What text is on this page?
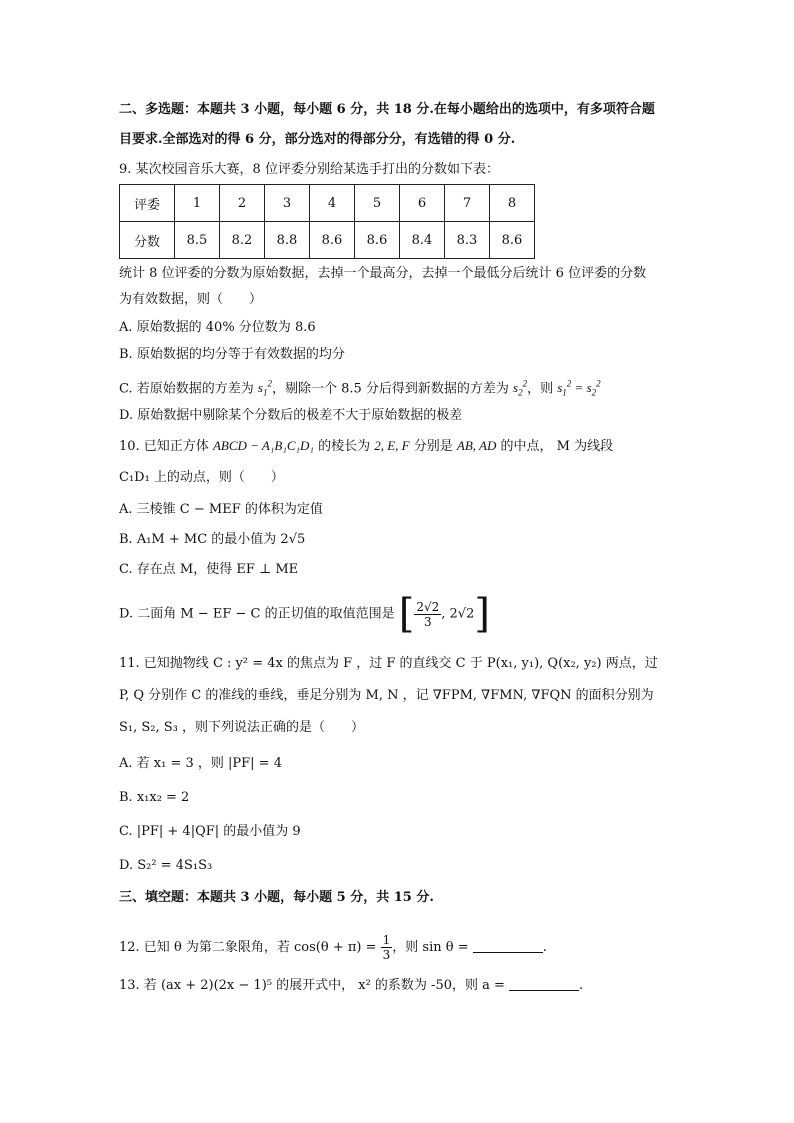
二、多选题：本题共 3 小题，每小题 6 分，共 18 分.在每小题给出的选项中，有多项符合题
目要求.全部选对的得 6 分，部分选对的得部分分，有选错的得 0 分.
9. 某次校园音乐大赛，8 位评委分别给某选手打出的分数如下表：
评委	1	2	3	4	5	6	7	8
分数	8.5	8.2	8.8	8.6	8.6	8.4	8.3	8.6
统计 8 位评委的分数为原始数据，去掉一个最高分，去掉一个最低分后统计 6 位评委的分数
为有效数据，则（　　）
A. 原始数据的 40% 分位数为 8.6
B. 原始数据的均分等于有效数据的均分
C. 若原始数据的方差为 $s_1^2$，剔除一个 8.5 分后得到新数据的方差为 $s_2^2$，则 $s_1^2 = s_2^2$
D. 原始数据中剔除某个分数后的极差不大于原始数据的极差
10. 已知正方体 ABCD − A₁B₁C₁D₁ 的棱长为 2, E, F 分别是 AB, AD 的中点， M 为线段
C₁D₁ 上的动点，则（　　）
A. 三棱锥 C − MEF 的体积为定值
B. A₁M + MC 的最小值为 2√5
C. 存在点 M，使得 EF ⊥ ME
D. 二面角 M − EF − C 的正切值的取值范围是 [ $\frac{2√2}{3}$ , 2√2]
11. 已知抛物线 C : y² = 4x 的焦点为 F ，过 F 的直线交 C 于 P(x₁, y₁), Q(x₂, y₂) 两点，过
P, Q 分别作 C 的准线的垂线，垂足分别为 M, N ，记 ∇FPM, ∇FMN, ∇FQN 的面积分别为
S₁, S₂, S₃ ，则下列说法正确的是（　　）
A. 若 x₁ = 3 ，则 |PF| = 4
B. x₁x₂ = 2
C. |PF| + 4|QF| 的最小值为 9
D. S₂² = 4S₁S₃
三、填空题：本题共 3 小题，每小题 5 分，共 15 分.
12. 已知 θ 为第二象限角，若 $\cos(\theta + \pi) = \frac{1}{3}$ ，则 sin θ =	.
13. 若 (ax + 2)(2x − 1)⁵ 的展开式中， x² 的系数为 -50，则 a =	.
